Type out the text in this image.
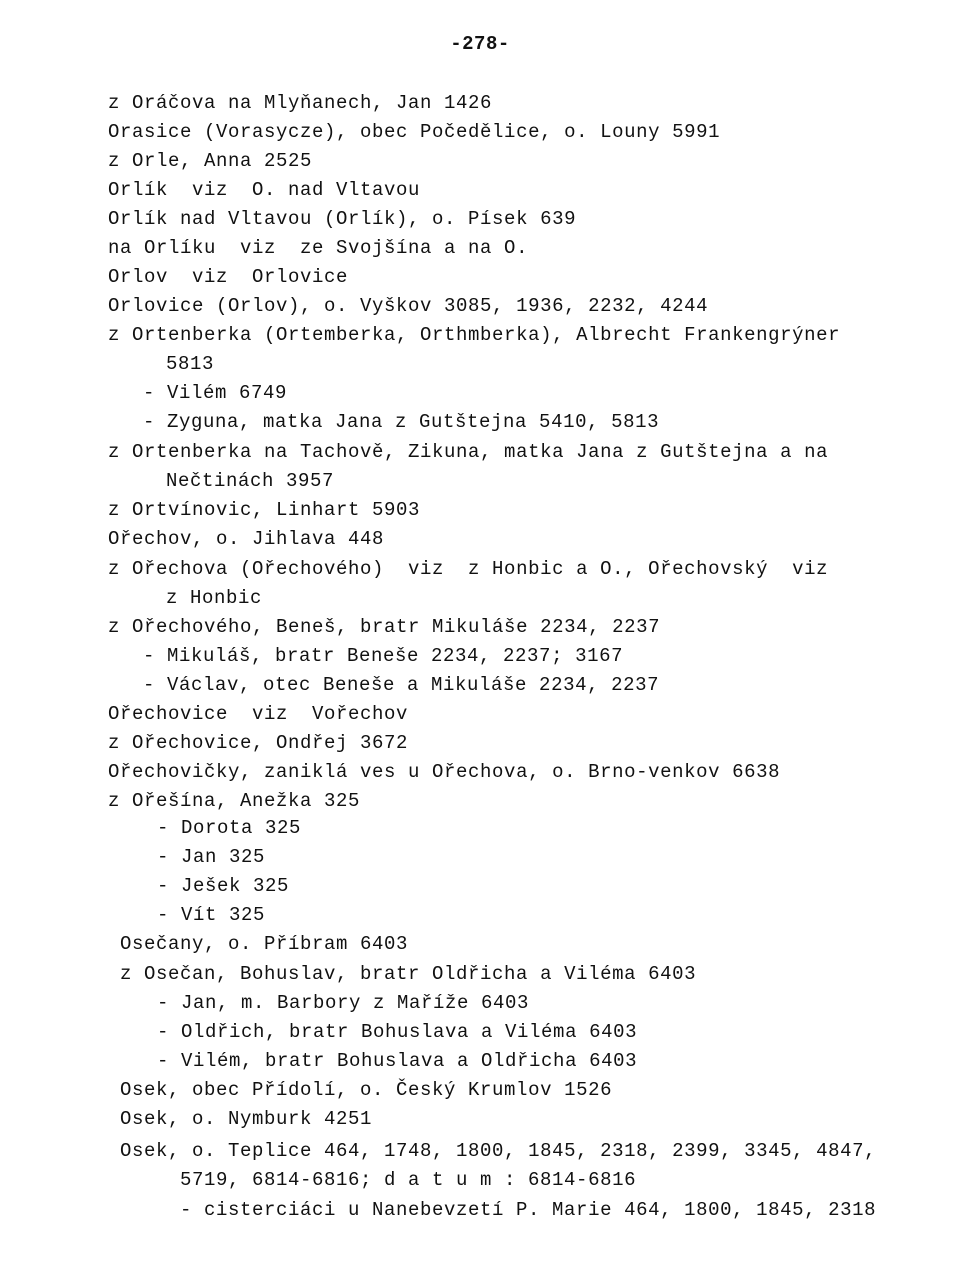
-278-
z Oráčova na Mlyňanech, Jan 1426
Orasice (Vorasycze), obec Počedělice, o. Louny 5991
z Orle, Anna 2525
Orlík  viz  O. nad Vltavou
Orlík nad Vltavou (Orlík), o. Písek 639
na Orlíku  viz  ze Svojšína a na O.
Orlov  viz  Orlovice
Orlovice (Orlov), o. Vyškov 3085, 1936, 2232, 4244
z Ortenberka (Ortemberka, Orthmberka), Albrecht Frankengrýner
5813
- Vilém 6749
- Zyguna, matka Jana z Gutštejna 5410, 5813
z Ortenberka na Tachově, Zikuna, matka Jana z Gutštejna a na
Nečtinách 3957
z Ortvínovic, Linhart 5903
Ořechov, o. Jihlava 448
z Ořechova (Ořechového)  viz  z Honbic a O., Ořechovský  viz
z Honbic
z Ořechového, Beneš, bratr Mikuláše 2234, 2237
- Mikuláš, bratr Beneše 2234, 2237; 3167
- Václav, otec Beneše a Mikuláše 2234, 2237
Ořechovice  viz  Vořechov
z Ořechovice, Ondřej 3672
Ořechovičky, zaniklá ves u Ořechova, o. Brno-venkov 6638
z Ořešína, Anežka 325
- Dorota 325
- Jan 325
- Ješek 325
- Vít 325
Osečany, o. Příbram 6403
z Osečan, Bohuslav, bratr Oldřicha a Viléma 6403
- Jan, m. Barbory z Mařížе 6403
- Oldřich, bratr Bohuslava a Viléma 6403
- Vilém, bratr Bohuslava a Oldřicha 6403
Osek, obec Přídolí, o. Český Krumlov 1526
Osek, o. Nymburk 4251
Osek, o. Teplice 464, 1748, 1800, 1845, 2318, 2399, 3345, 4847,
5719, 6814-6816; d a t u m : 6814-6816
- cisterciáci u Nanebevzetí P. Marie 464, 1800, 1845, 2318
